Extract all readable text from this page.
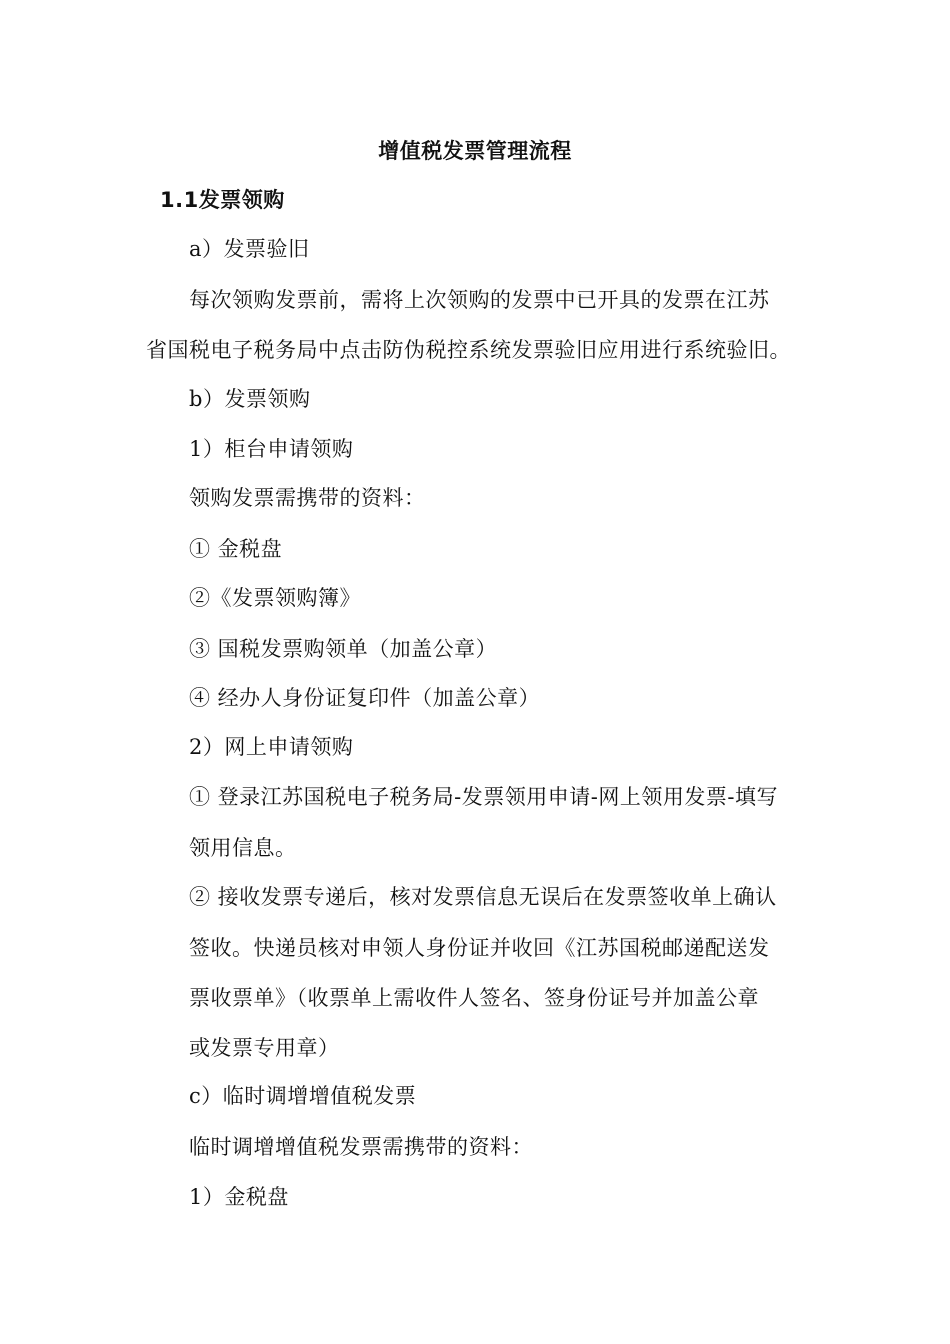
增值税发票管理流程
1.1发票领购
a）发票验旧
每次领购发票前，需将上次领购的发票中已开具的发票在江苏
省国税电子税务局中点击防伪税控系统发票验旧应用进行系统验旧。
b）发票领购
1）柜台申请领购
领购发票需携带的资料：
① 金税盘
②《发票领购簿》
③ 国税发票购领单（加盖公章）
④ 经办人身份证复印件（加盖公章）
2）网上申请领购
① 登录江苏国税电子税务局-发票领用申请-网上领用发票-填写
领用信息。
② 接收发票专递后，核对发票信息无误后在发票签收单上确认
签收。快递员核对申领人身份证并收回《江苏国税邮递配送发
票收票单》（收票单上需收件人签名、签身份证号并加盖公章
或发票专用章）
c）临时调增增值税发票
临时调增增值税发票需携带的资料：
1）金税盘
